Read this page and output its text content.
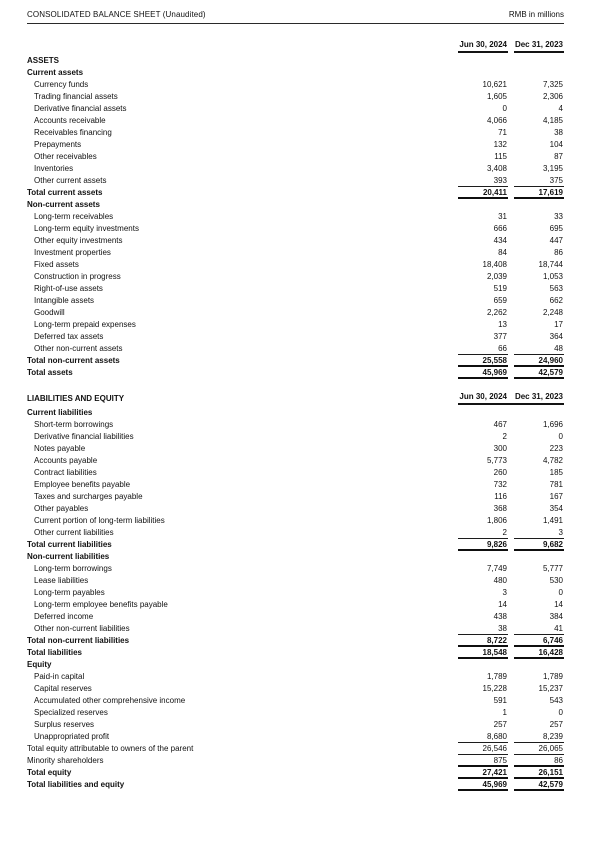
CONSOLIDATED BALANCE SHEET (Unaudited)	RMB in millions
Jun 30, 2024 Dec 31, 2023
ASSETS
Current assets
Currency funds	10,621	7,325
Trading financial assets	1,605	2,306
Derivative financial assets	0	4
Accounts receivable	4,066	4,185
Receivables financing	71	38
Prepayments	132	104
Other receivables	115	87
Inventories	3,408	3,195
Other current assets	393	375
Total current assets	20,411	17,619
Non-current assets
Long-term receivables	31	33
Long-term equity investments	666	695
Other equity investments	434	447
Investment properties	84	86
Fixed assets	18,408	18,744
Construction in progress	2,039	1,053
Right-of-use assets	519	563
Intangible assets	659	662
Goodwill	2,262	2,248
Long-term prepaid expenses	13	17
Deferred tax assets	377	364
Other non-current assets	66	48
Total non-current assets	25,558	24,960
Total assets	45,969	42,579
LIABILITIES AND EQUITY	Jun 30, 2024 Dec 31, 2023
Current liabilities
Short-term borrowings	467	1,696
Derivative financial liabilities	2	0
Notes payable	300	223
Accounts payable	5,773	4,782
Contract liabilities	260	185
Employee benefits payable	732	781
Taxes and surcharges payable	116	167
Other payables	368	354
Current portion of long-term liabilities	1,806	1,491
Other current liabilities	2	3
Total current liabilities	9,826	9,682
Non-current liabilities
Long-term borrowings	7,749	5,777
Lease liabilities	480	530
Long-term payables	3	0
Long-term employee benefits payable	14	14
Deferred income	438	384
Other non-current liabilities	38	41
Total non-current liabilities	8,722	6,746
Total liabilities	18,548	16,428
Equity
Paid-in capital	1,789	1,789
Capital reserves	15,228	15,237
Accumulated other comprehensive income	591	543
Specialized reserves	1	0
Surplus reserves	257	257
Unappropriated profit	8,680	8,239
Total equity attributable to owners of the parent	26,546	26,065
Minority shareholders	875	86
Total equity	27,421	26,151
Total liabilities and equity	45,969	42,579
